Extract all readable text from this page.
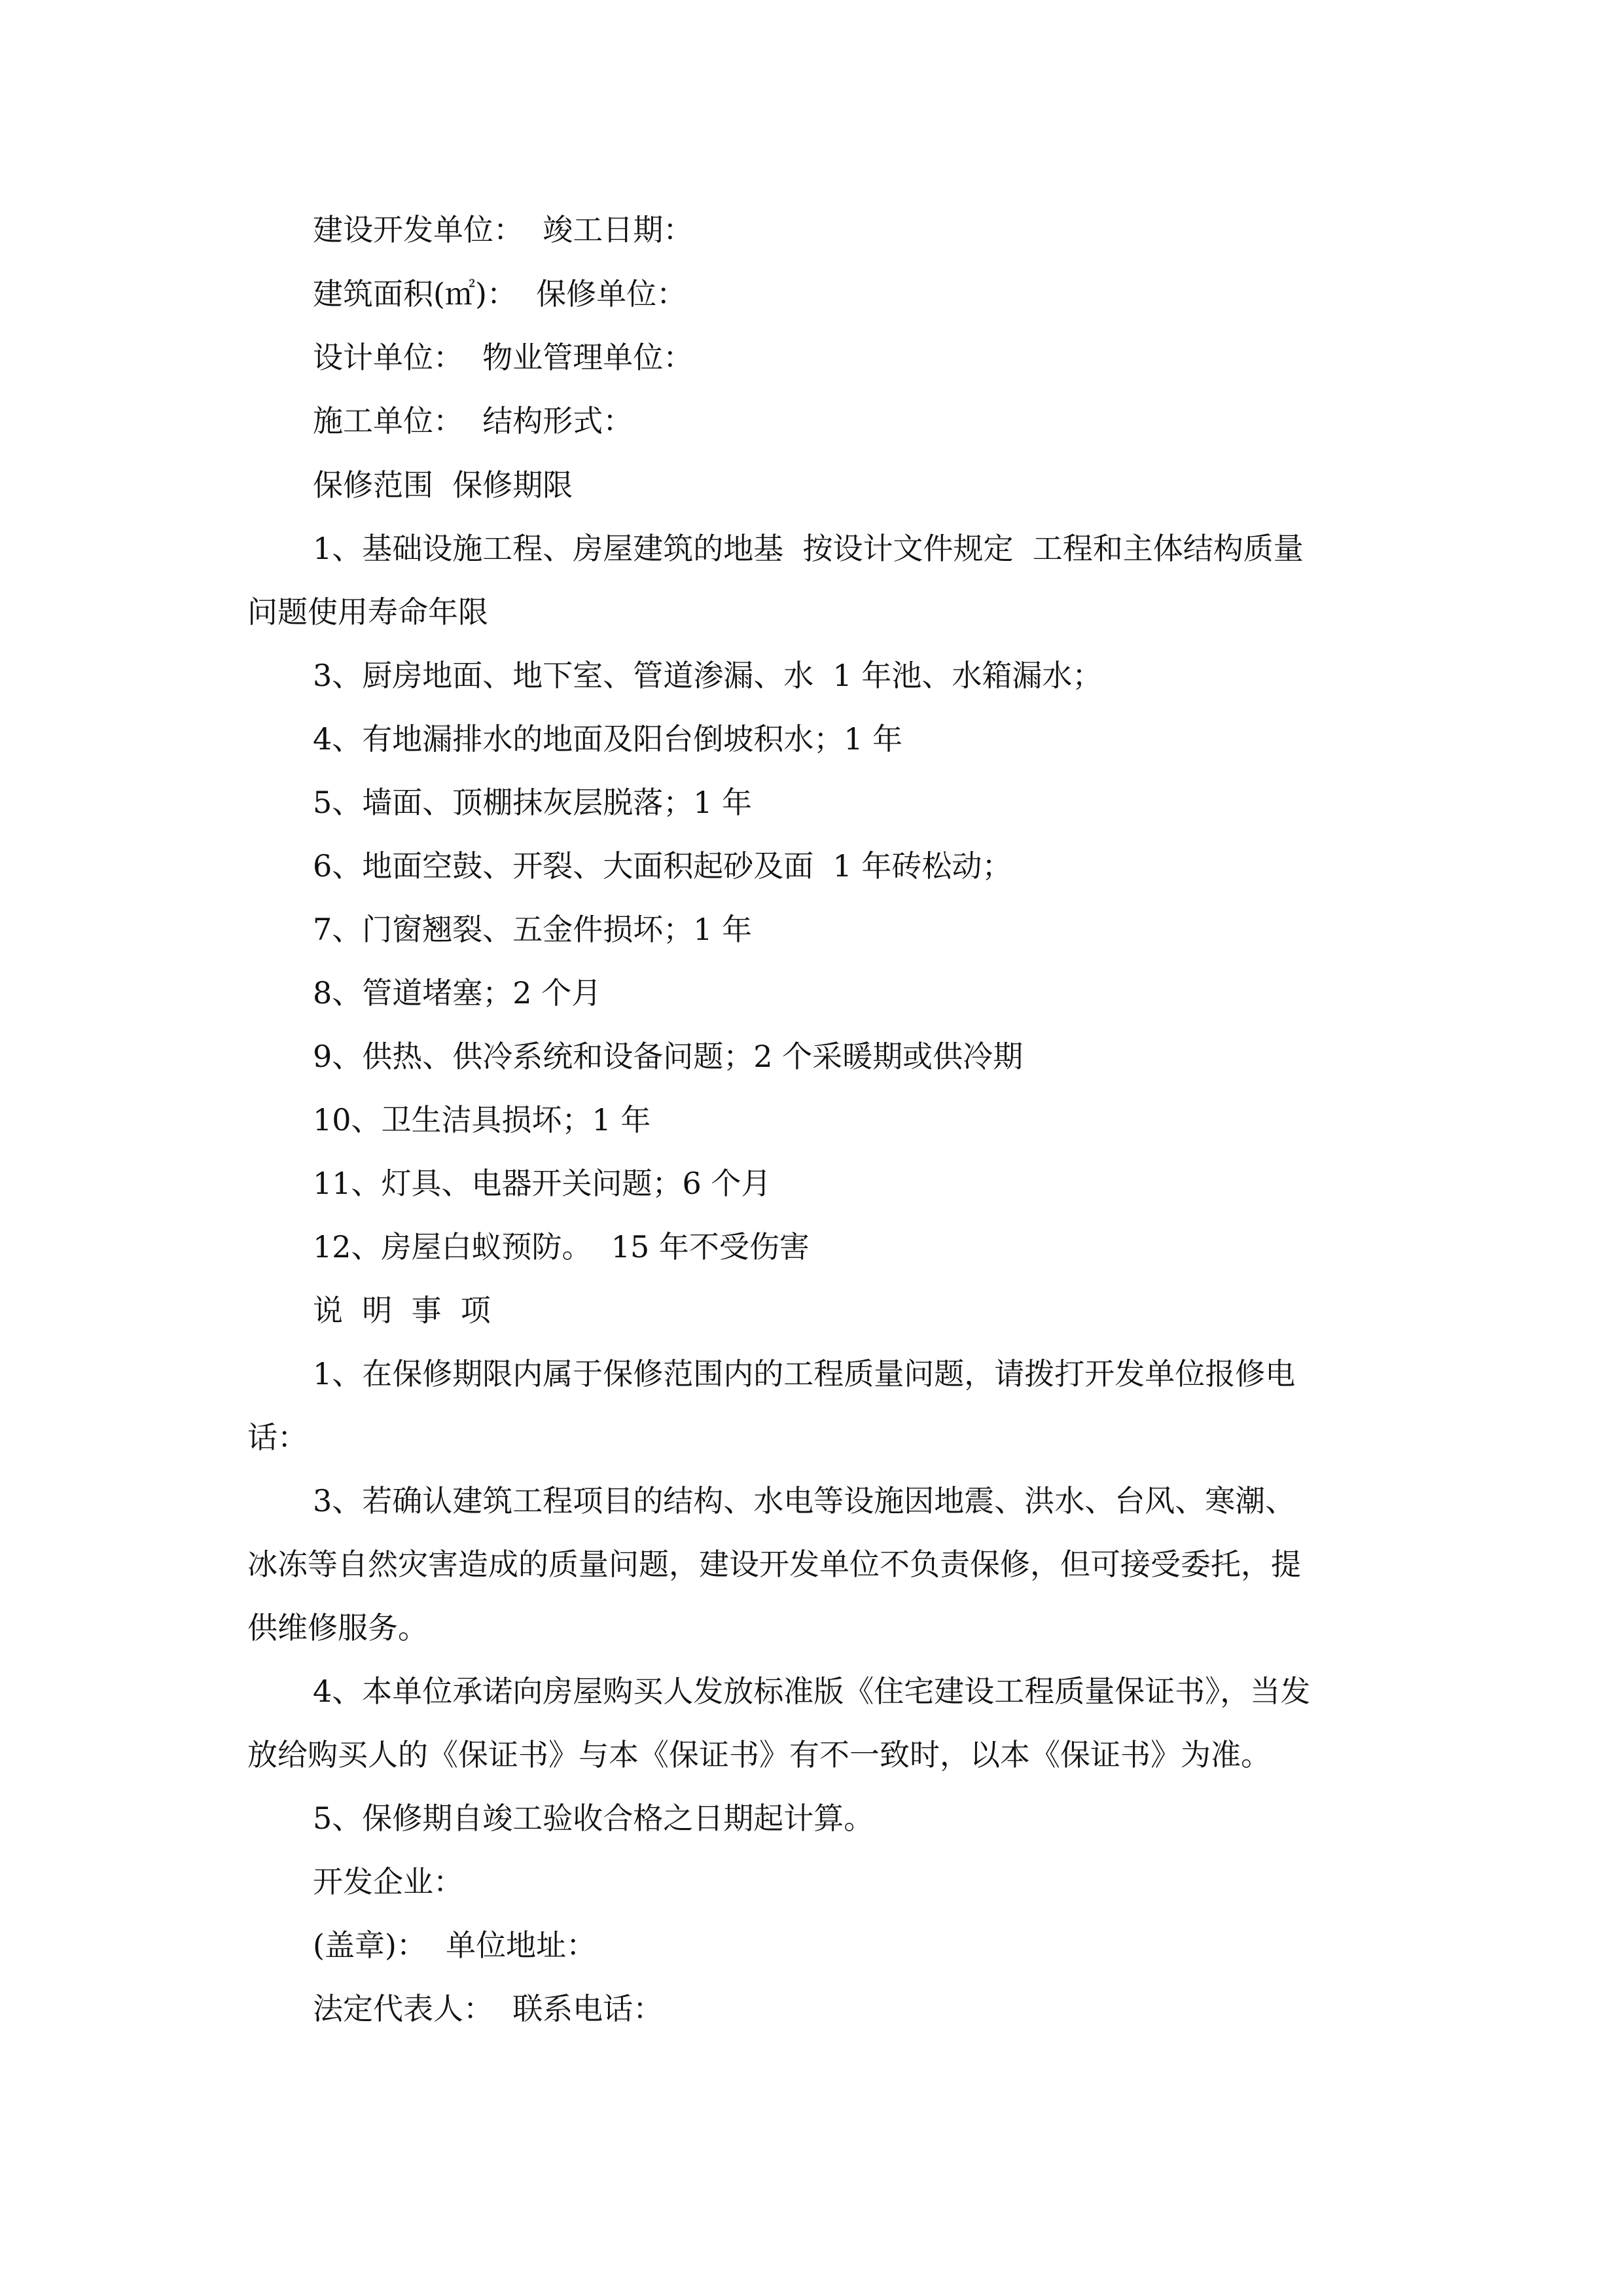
建设开发单位：  竣工日期：
建筑面积(㎡)：  保修单位：
设计单位：  物业管理单位：
施工单位：  结构形式：
保修范围  保修期限
1、基础设施工程、房屋建筑的地基  按设计文件规定  工程和主体结构质量
问题使用寿命年限
3、厨房地面、地下室、管道渗漏、水  1 年池、水箱漏水；
4、有地漏排水的地面及阳台倒坡积水；1 年
5、墙面、顶棚抹灰层脱落；1 年
6、地面空鼓、开裂、大面积起砂及面  1 年砖松动；
7、门窗翘裂、五金件损坏；1 年
8、管道堵塞；2 个月
9、供热、供冷系统和设备问题；2 个采暖期或供冷期
10、卫生洁具损坏；1 年
11、灯具、电器开关问题；6 个月
12、房屋白蚁预防。  15 年不受伤害
说  明  事  项
1、在保修期限内属于保修范围内的工程质量问题，请拨打开发单位报修电
话：
3、若确认建筑工程项目的结构、水电等设施因地震、洪水、台风、寒潮、
冰冻等自然灾害造成的质量问题，建设开发单位不负责保修，但可接受委托，提
供维修服务。
4、本单位承诺向房屋购买人发放标准版《住宅建设工程质量保证书》，当发
放给购买人的《保证书》与本《保证书》有不一致时，以本《保证书》为准。
5、保修期自竣工验收合格之日期起计算。
开发企业：
(盖章)：  单位地址：
法定代表人：  联系电话：
